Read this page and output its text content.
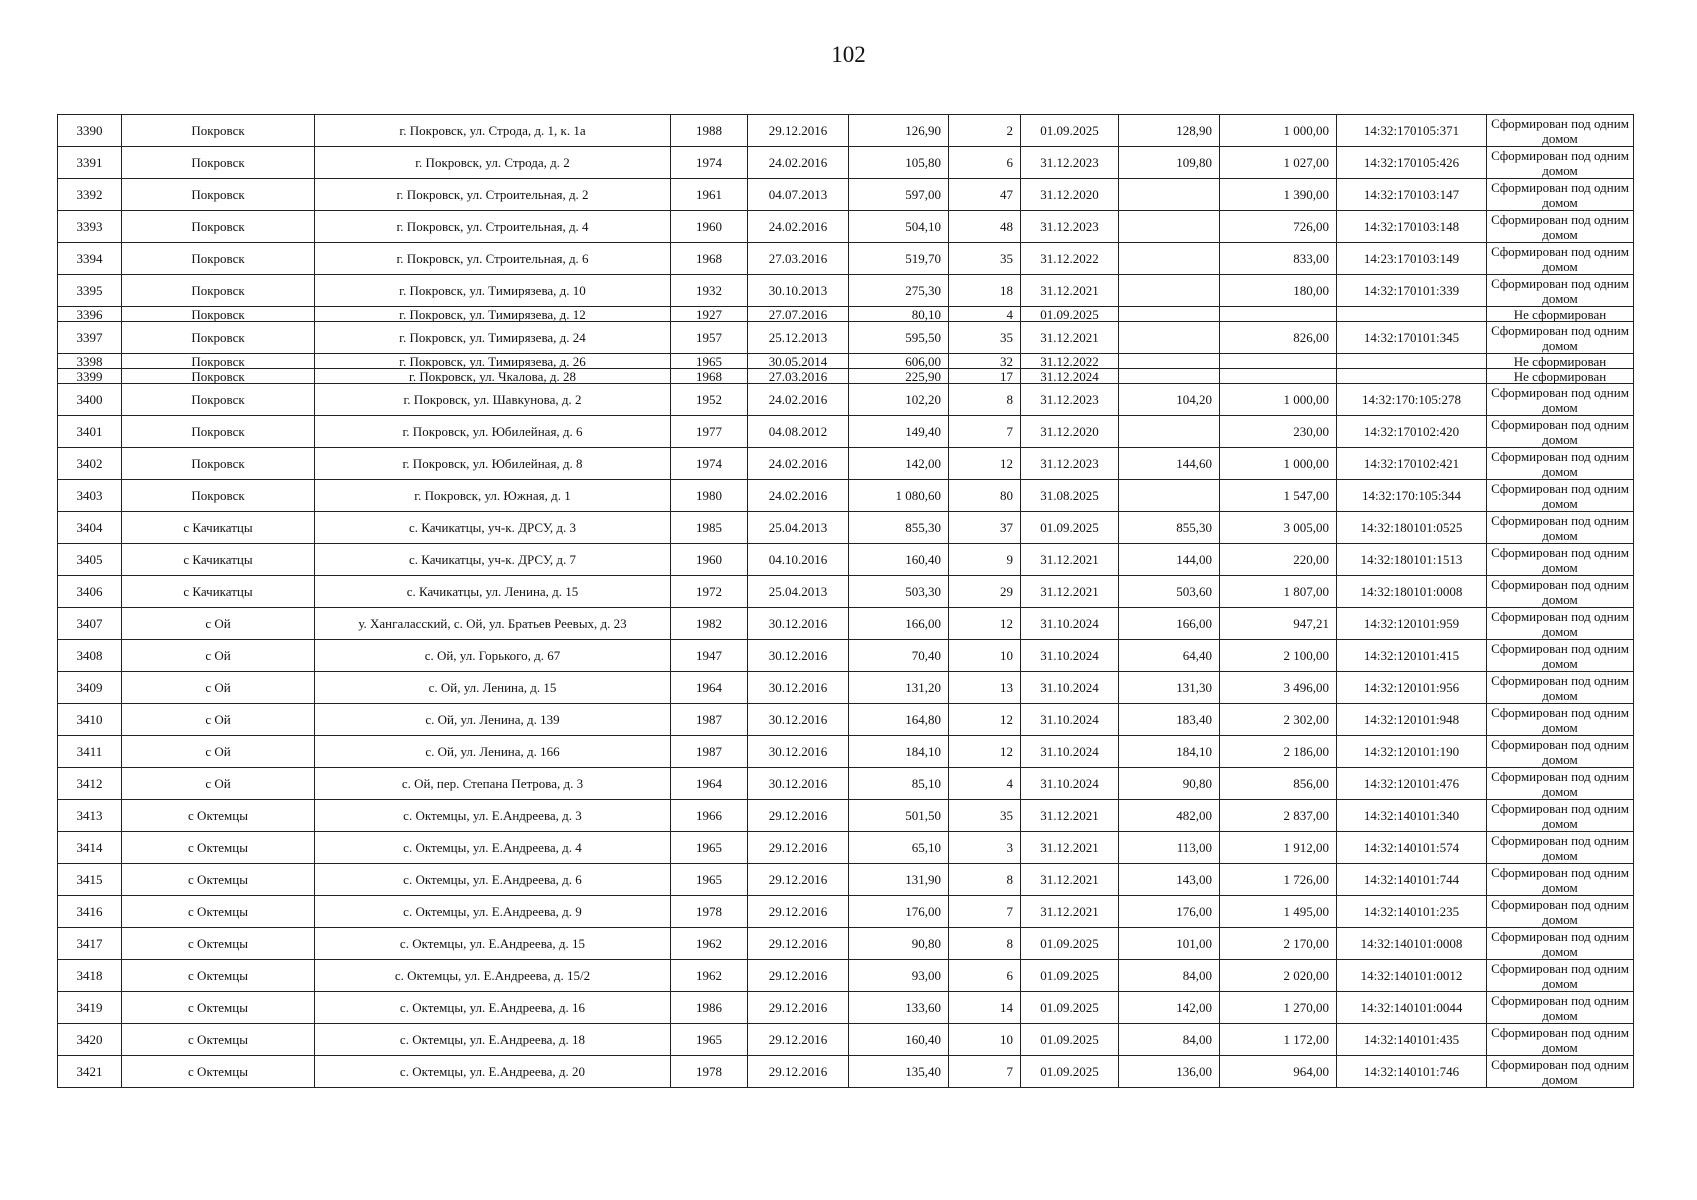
102
3390	Покровск	г. Покровск, ул. Строда, д. 1, к. 1а	1988	29.12.2016	126,90	2	01.09.2025	128,90	1 000,00	14:32:170105:371	Сформирован под одним домом
3391	Покровск	г. Покровск, ул. Строда, д. 2	1974	24.02.2016	105,80	6	31.12.2023	109,80	1 027,00	14:32:170105:426	Сформирован под одним домом
3392	Покровск	г. Покровск, ул. Строительная, д. 2	1961	04.07.2013	597,00	47	31.12.2020		1 390,00	14:32:170103:147	Сформирован под одним домом
3393	Покровск	г. Покровск, ул. Строительная, д. 4	1960	24.02.2016	504,10	48	31.12.2023		726,00	14:32:170103:148	Сформирован под одним домом
3394	Покровск	г. Покровск, ул. Строительная, д. 6	1968	27.03.2016	519,70	35	31.12.2022		833,00	14:23:170103:149	Сформирован под одним домом
3395	Покровск	г. Покровск, ул. Тимирязева, д. 10	1932	30.10.2013	275,30	18	31.12.2021		180,00	14:32:170101:339	Сформирован под одним домом
3396	Покровск	г. Покровск, ул. Тимирязева, д. 12	1927	27.07.2016	80,10	4	01.09.2025				Не сформирован
3397	Покровск	г. Покровск, ул. Тимирязева, д. 24	1957	25.12.2013	595,50	35	31.12.2021		826,00	14:32:170101:345	Сформирован под одним домом
3398	Покровск	г. Покровск, ул. Тимирязева, д. 26	1965	30.05.2014	606,00	32	31.12.2022				Не сформирован
3399	Покровск	г. Покровск, ул. Чкалова, д. 28	1968	27.03.2016	225,90	17	31.12.2024				Не сформирован
3400	Покровск	г. Покровск, ул. Шавкунова, д. 2	1952	24.02.2016	102,20	8	31.12.2023	104,20	1 000,00	14:32:170:105:278	Сформирован под одним домом
3401	Покровск	г. Покровск, ул. Юбилейная, д. 6	1977	04.08.2012	149,40	7	31.12.2020		230,00	14:32:170102:420	Сформирован под одним домом
3402	Покровск	г. Покровск, ул. Юбилейная, д. 8	1974	24.02.2016	142,00	12	31.12.2023	144,60	1 000,00	14:32:170102:421	Сформирован под одним домом
3403	Покровск	г. Покровск, ул. Южная, д. 1	1980	24.02.2016	1 080,60	80	31.08.2025		1 547,00	14:32:170:105:344	Сформирован под одним домом
3404	с Качикатцы	с. Качикатцы, уч-к. ДРСУ, д. 3	1985	25.04.2013	855,30	37	01.09.2025	855,30	3 005,00	14:32:180101:0525	Сформирован под одним домом
3405	с Качикатцы	с. Качикатцы, уч-к. ДРСУ, д. 7	1960	04.10.2016	160,40	9	31.12.2021	144,00	220,00	14:32:180101:1513	Сформирован под одним домом
3406	с Качикатцы	с. Качикатцы, ул. Ленина, д. 15	1972	25.04.2013	503,30	29	31.12.2021	503,60	1 807,00	14:32:180101:0008	Сформирован под одним домом
3407	с Ой	у. Хангаласский, с. Ой, ул. Братьев Реевых, д. 23	1982	30.12.2016	166,00	12	31.10.2024	166,00	947,21	14:32:120101:959	Сформирован под одним домом
3408	с Ой	с. Ой, ул. Горького, д. 67	1947	30.12.2016	70,40	10	31.10.2024	64,40	2 100,00	14:32:120101:415	Сформирован под одним домом
3409	с Ой	с. Ой, ул. Ленина, д. 15	1964	30.12.2016	131,20	13	31.10.2024	131,30	3 496,00	14:32:120101:956	Сформирован под одним домом
3410	с Ой	с. Ой, ул. Ленина, д. 139	1987	30.12.2016	164,80	12	31.10.2024	183,40	2 302,00	14:32:120101:948	Сформирован под одним домом
3411	с Ой	с. Ой, ул. Ленина, д. 166	1987	30.12.2016	184,10	12	31.10.2024	184,10	2 186,00	14:32:120101:190	Сформирован под одним домом
3412	с Ой	с. Ой, пер. Степана Петрова, д. 3	1964	30.12.2016	85,10	4	31.10.2024	90,80	856,00	14:32:120101:476	Сформирован под одним домом
3413	с Октемцы	с. Октемцы, ул. Е.Андреева, д. 3	1966	29.12.2016	501,50	35	31.12.2021	482,00	2 837,00	14:32:140101:340	Сформирован под одним домом
3414	с Октемцы	с. Октемцы, ул. Е.Андреева, д. 4	1965	29.12.2016	65,10	3	31.12.2021	113,00	1 912,00	14:32:140101:574	Сформирован под одним домом
3415	с Октемцы	с. Октемцы, ул. Е.Андреева, д. 6	1965	29.12.2016	131,90	8	31.12.2021	143,00	1 726,00	14:32:140101:744	Сформирован под одним домом
3416	с Октемцы	с. Октемцы, ул. Е.Андреева, д. 9	1978	29.12.2016	176,00	7	31.12.2021	176,00	1 495,00	14:32:140101:235	Сформирован под одним домом
3417	с Октемцы	с. Октемцы, ул. Е.Андреева, д. 15	1962	29.12.2016	90,80	8	01.09.2025	101,00	2 170,00	14:32:140101:0008	Сформирован под одним домом
3418	с Октемцы	с. Октемцы, ул. Е.Андреева, д. 15/2	1962	29.12.2016	93,00	6	01.09.2025	84,00	2 020,00	14:32:140101:0012	Сформирован под одним домом
3419	с Октемцы	с. Октемцы, ул. Е.Андреева, д. 16	1986	29.12.2016	133,60	14	01.09.2025	142,00	1 270,00	14:32:140101:0044	Сформирован под одним домом
3420	с Октемцы	с. Октемцы, ул. Е.Андреева, д. 18	1965	29.12.2016	160,40	10	01.09.2025	84,00	1 172,00	14:32:140101:435	Сформирован под одним домом
3421	с Октемцы	с. Октемцы, ул. Е.Андреева, д. 20	1978	29.12.2016	135,40	7	01.09.2025	136,00	964,00	14:32:140101:746	Сформирован под одним домом
